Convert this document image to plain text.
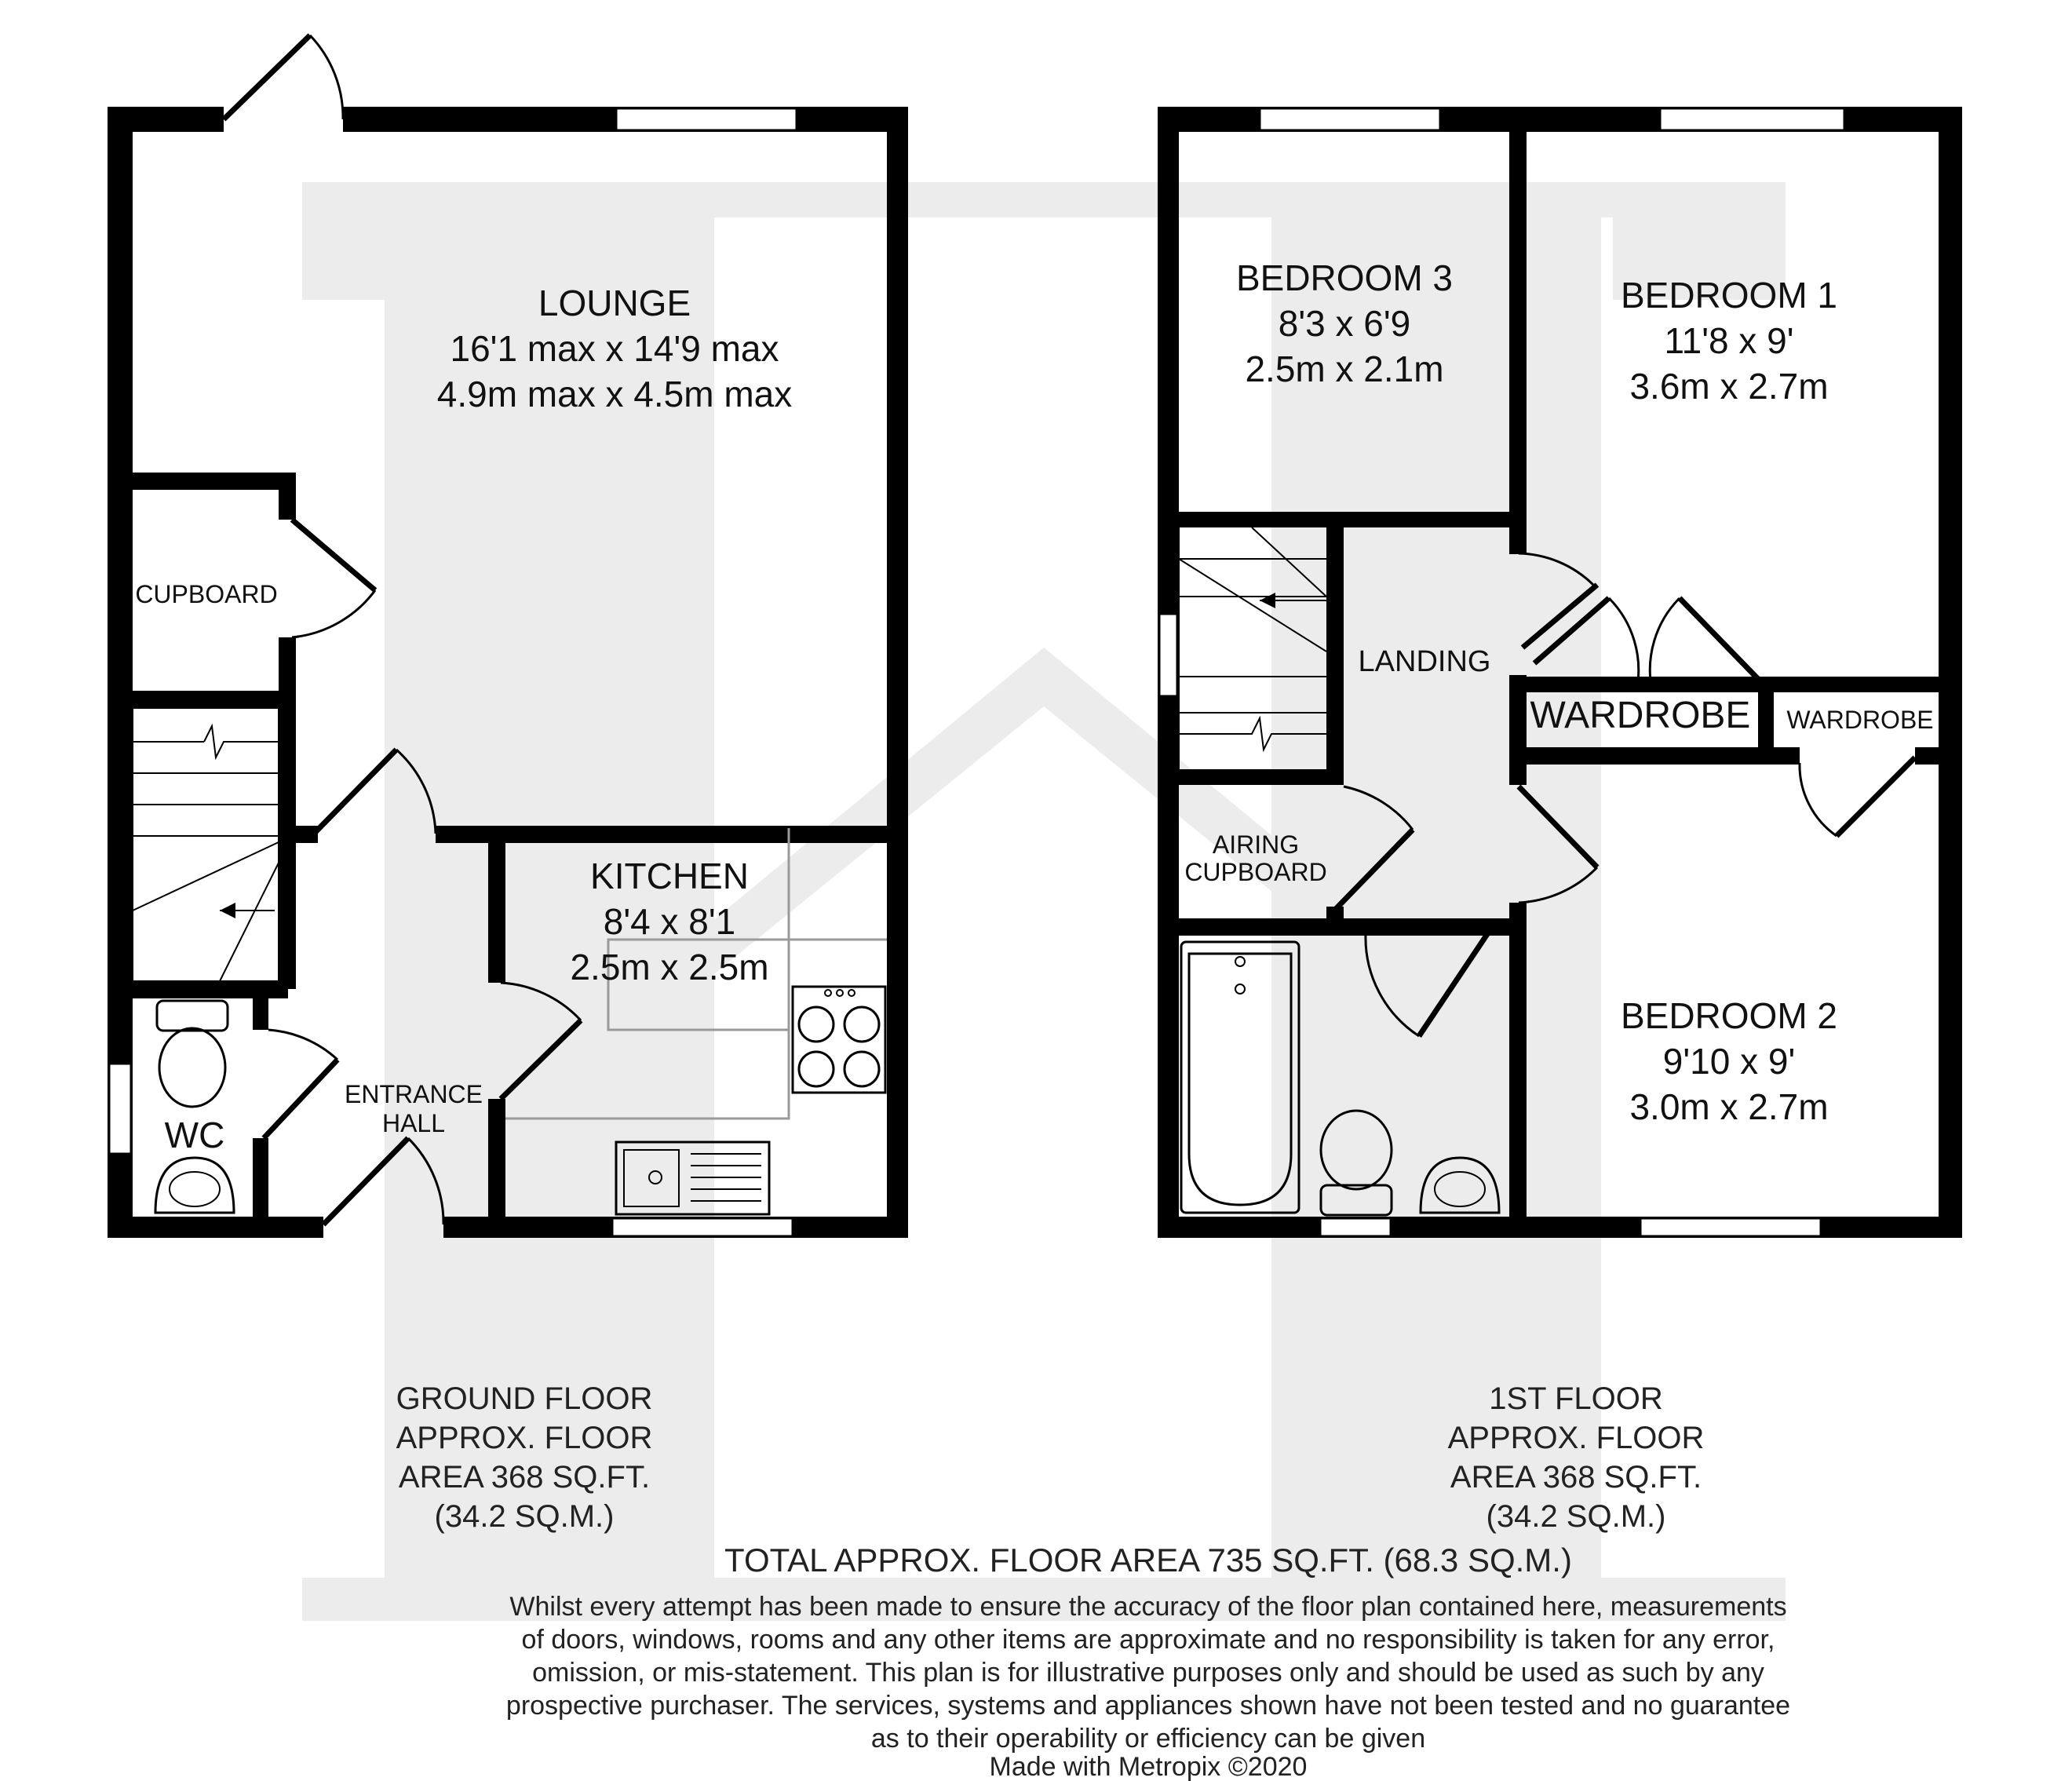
LOUNGE
16'1 max x 14'9 max
4.9m max x 4.5m max
CUPBOARD
KITCHEN
8'4 x 8'1
2.5m x 2.5m
ENTRANCE
HALL
WC
BEDROOM 3
8'3 x 6'9
2.5m x 2.1m
BEDROOM 1
11'8 x 9'
3.6m x 2.7m
LANDING
WARDROBE WARDROBE
AIRING
CUPBOARD
BEDROOM 2
9'10 x 9'
3.0m x 2.7m
GROUND FLOOR
APPROX. FLOOR
AREA 368 SQ.FT.
(34.2 SQ.M.)
1ST FLOOR
APPROX. FLOOR
AREA 368 SQ.FT.
(34.2 SQ.M.)
TOTAL APPROX. FLOOR AREA 735 SQ.FT. (68.3 SQ.M.)
Whilst every attempt has been made to ensure the accuracy of the floor plan contained here, measurements
of doors, windows, rooms and any other items are approximate and no responsibility is taken for any error,
omission, or mis-statement. This plan is for illustrative purposes only and should be used as such by any
prospective purchaser. The services, systems and appliances shown have not been tested and no guarantee
as to their operability or efficiency can be given
Made with Metropix ©2020
